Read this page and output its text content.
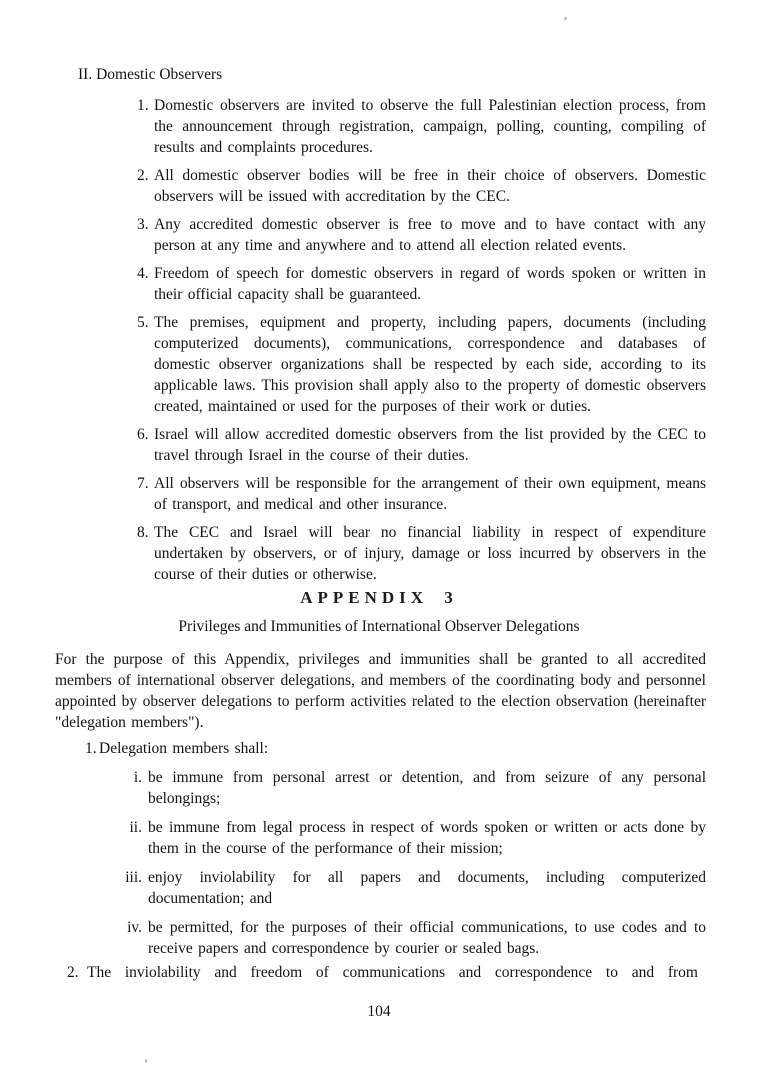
II. Domestic Observers
1. Domestic observers are invited to observe the full Palestinian election process, from the announcement through registration, campaign, polling, counting, compiling of results and complaints procedures.
2. All domestic observer bodies will be free in their choice of observers. Domestic observers will be issued with accreditation by the CEC.
3. Any accredited domestic observer is free to move and to have contact with any person at any time and anywhere and to attend all election related events.
4. Freedom of speech for domestic observers in regard of words spoken or written in their official capacity shall be guaranteed.
5. The premises, equipment and property, including papers, documents (including computerized documents), communications, correspondence and databases of domestic observer organizations shall be respected by each side, according to its applicable laws. This provision shall apply also to the property of domestic observers created, maintained or used for the purposes of their work or duties.
6. Israel will allow accredited domestic observers from the list provided by the CEC to travel through Israel in the course of their duties.
7. All observers will be responsible for the arrangement of their own equipment, means of transport, and medical and other insurance.
8. The CEC and Israel will bear no financial liability in respect of expenditure undertaken by observers, or of injury, damage or loss incurred by observers in the course of their duties or otherwise.
APPENDIX 3
Privileges and Immunities of International Observer Delegations

For the purpose of this Appendix, privileges and immunities shall be granted to all accredited members of international observer delegations, and members of the coordinating body and personnel appointed by observer delegations to perform activities related to the election observation (hereinafter "delegation members").

1. Delegation members shall:
i. be immune from personal arrest or detention, and from seizure of any personal belongings;
ii. be immune from legal process in respect of words spoken or written or acts done by them in the course of the performance of their mission;
iii. enjoy inviolability for all papers and documents, including computerized documentation; and
iv. be permitted, for the purposes of their official communications, to use codes and to receive papers and correspondence by courier or sealed bags.
2. The inviolability and freedom of communications and correspondence to and from
104
